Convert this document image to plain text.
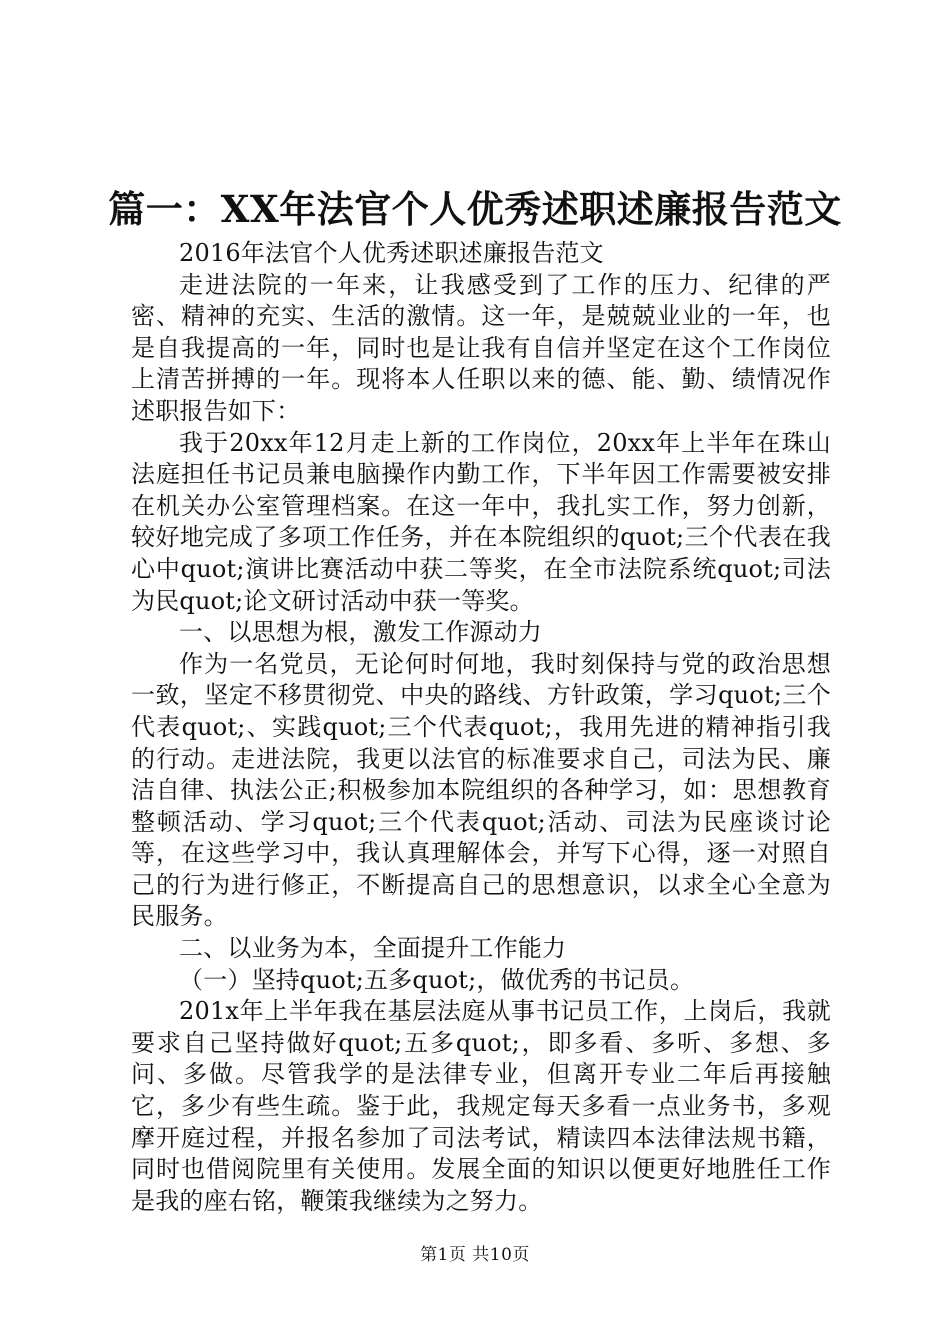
篇一：XX年法官个人优秀述职述廉报告范文

2016年法官个人优秀述职述廉报告范文

走进法院的一年来，让我感受到了工作的压力、纪律的严密、精神的充实、生活的激情。这一年，是兢兢业业的一年，也是自我提高的一年，同时也是让我有自信并坚定在这个工作岗位上清苦拼搏的一年。现将本人任职以来的德、能、勤、绩情况作述职报告如下：

我于20xx年12月走上新的工作岗位，20xx年上半年在珠山法庭担任书记员兼电脑操作内勤工作，下半年因工作需要被安排在机关办公室管理档案。在这一年中，我扎实工作，努力创新，较好地完成了多项工作任务，并在本院组织的quot;三个代表在我心中quot;演讲比赛活动中获二等奖，在全市法院系统quot;司法为民quot;论文研讨活动中获一等奖。

一、以思想为根，激发工作源动力

作为一名党员，无论何时何地，我时刻保持与党的政治思想一致，坚定不移贯彻党、中央的路线、方针政策，学习quot;三个代表quot;、实践quot;三个代表quot;，我用先进的精神指引我的行动。走进法院，我更以法官的标准要求自己，司法为民、廉洁自律、执法公正;积极参加本院组织的各种学习，如：思想教育整顿活动、学习quot;三个代表quot;活动、司法为民座谈讨论等，在这些学习中，我认真理解体会，并写下心得，逐一对照自己的行为进行修正，不断提高自己的思想意识，以求全心全意为民服务。

二、以业务为本，全面提升工作能力

（一）坚持quot;五多quot;，做优秀的书记员。

201x年上半年我在基层法庭从事书记员工作，上岗后，我就要求自己坚持做好quot;五多quot;，即多看、多听、多想、多问、多做。尽管我学的是法律专业，但离开专业二年后再接触它，多少有些生疏。鉴于此，我规定每天多看一点业务书，多观摩开庭过程，并报名参加了司法考试，精读四本法律法规书籍，同时也借阅院里有关使用。发展全面的知识以便更好地胜任工作是我的座右铭，鞭策我继续为之努力。

第1页 共10页
